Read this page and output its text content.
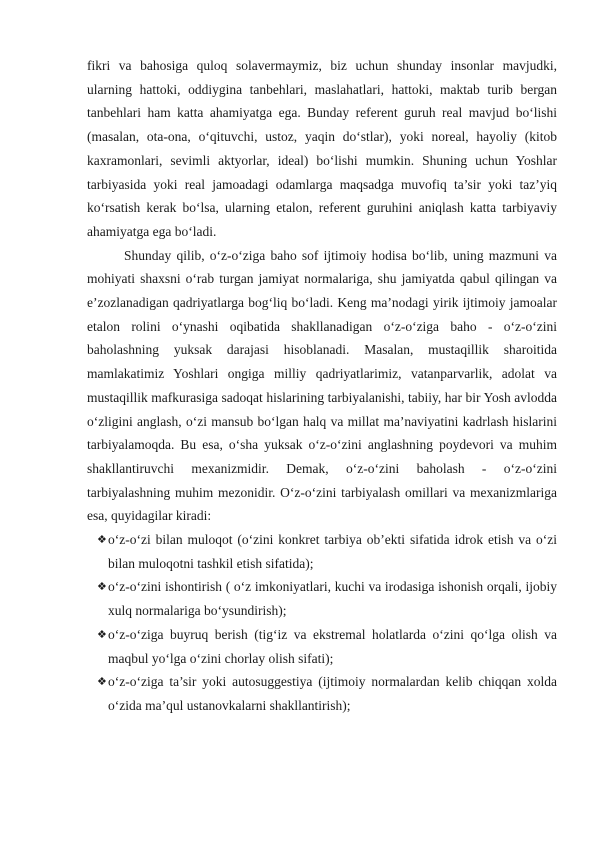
fikri va bahosiga quloq solavermaymiz, biz uchun shunday insonlar mavjudki, ularning hattoki, oddiygina tanbehlari, maslahatlari, hattoki, maktab turib bergan tanbehlari ham katta ahamiyatga ega. Bunday referent guruh real mavjud bo‘lishi (masalan, ota-ona, o‘qituvchi, ustoz, yaqin do‘stlar), yoki noreal, hayoliy (kitob kaxramonlari, sevimli aktyorlar, ideal) bo‘lishi mumkin. Shuning uchun Yoshlar tarbiyasida yoki real jamoadagi odamlarga maqsadga muvofiq ta’sir yoki taz’yiq ko‘rsatish kerak bo‘lsa, ularning etalon, referent guruhini aniqlash katta tarbiyaviy ahamiyatga ega bo‘ladi.

Shunday qilib, o‘z-o‘ziga baho sof ijtimoiy hodisa bo‘lib, uning mazmuni va mohiyati shaxsni o‘rab turgan jamiyat normalariga, shu jamiyatda qabul qilingan va e’zozlanadigan qadriyatlarga bog‘liq bo‘ladi. Keng ma’nodagi yirik ijtimoiy jamoalar etalon rolini o‘ynashi oqibatida shakllanadigan o‘z-o‘ziga baho - o‘z-o‘zini baholashning yuksak darajasi hisoblanadi. Masalan, mustaqillik sharoitida mamlakatimiz Yoshlari ongiga milliy qadriyatlarimiz, vatanparvarlik, adolat va mustaqillik mafkurasiga sadoqat hislarining tarbiyalanishi, tabiiy, har bir Yosh avlodda o‘zligini anglash, o‘zi mansub bo‘lgan halq va millat ma’naviyatini kadrlash hislarini tarbiyalamoqda. Bu esa, o‘sha yuksak o‘z-o‘zini anglashning poydevori va muhim shakllantiruvchi mexanizmidir. Demak, o‘z-o‘zini baholash - o‘z-o‘zini tarbiyalashning muhim mezonidir. O‘z-o‘zini tarbiyalash omillari va mexanizmlariga esa, quyidagilar kiradi:

❖ o‘z-o‘zi bilan muloqot (o‘zini konkret tarbiya ob’ekti sifatida idrok etish va o‘zi bilan muloqotni tashkil etish sifatida);
❖ o‘z-o‘zini ishontirish ( o‘z imkoniyatlari, kuchi va irodasiga ishonish orqali, ijobiy xulq normalariga bo‘ysundirish);
❖ o‘z-o‘ziga buyruq berish (tig‘iz va ekstremal holatlarda o‘zini qo‘lga olish va maqbul yo‘lga o‘zini chorlay olish sifati);
❖ o‘z-o‘ziga ta’sir yoki autosuggestiya (ijtimoiy normalardan kelib chiqqan xolda o‘zida ma’qul ustanovkalarni shakllantirish);
